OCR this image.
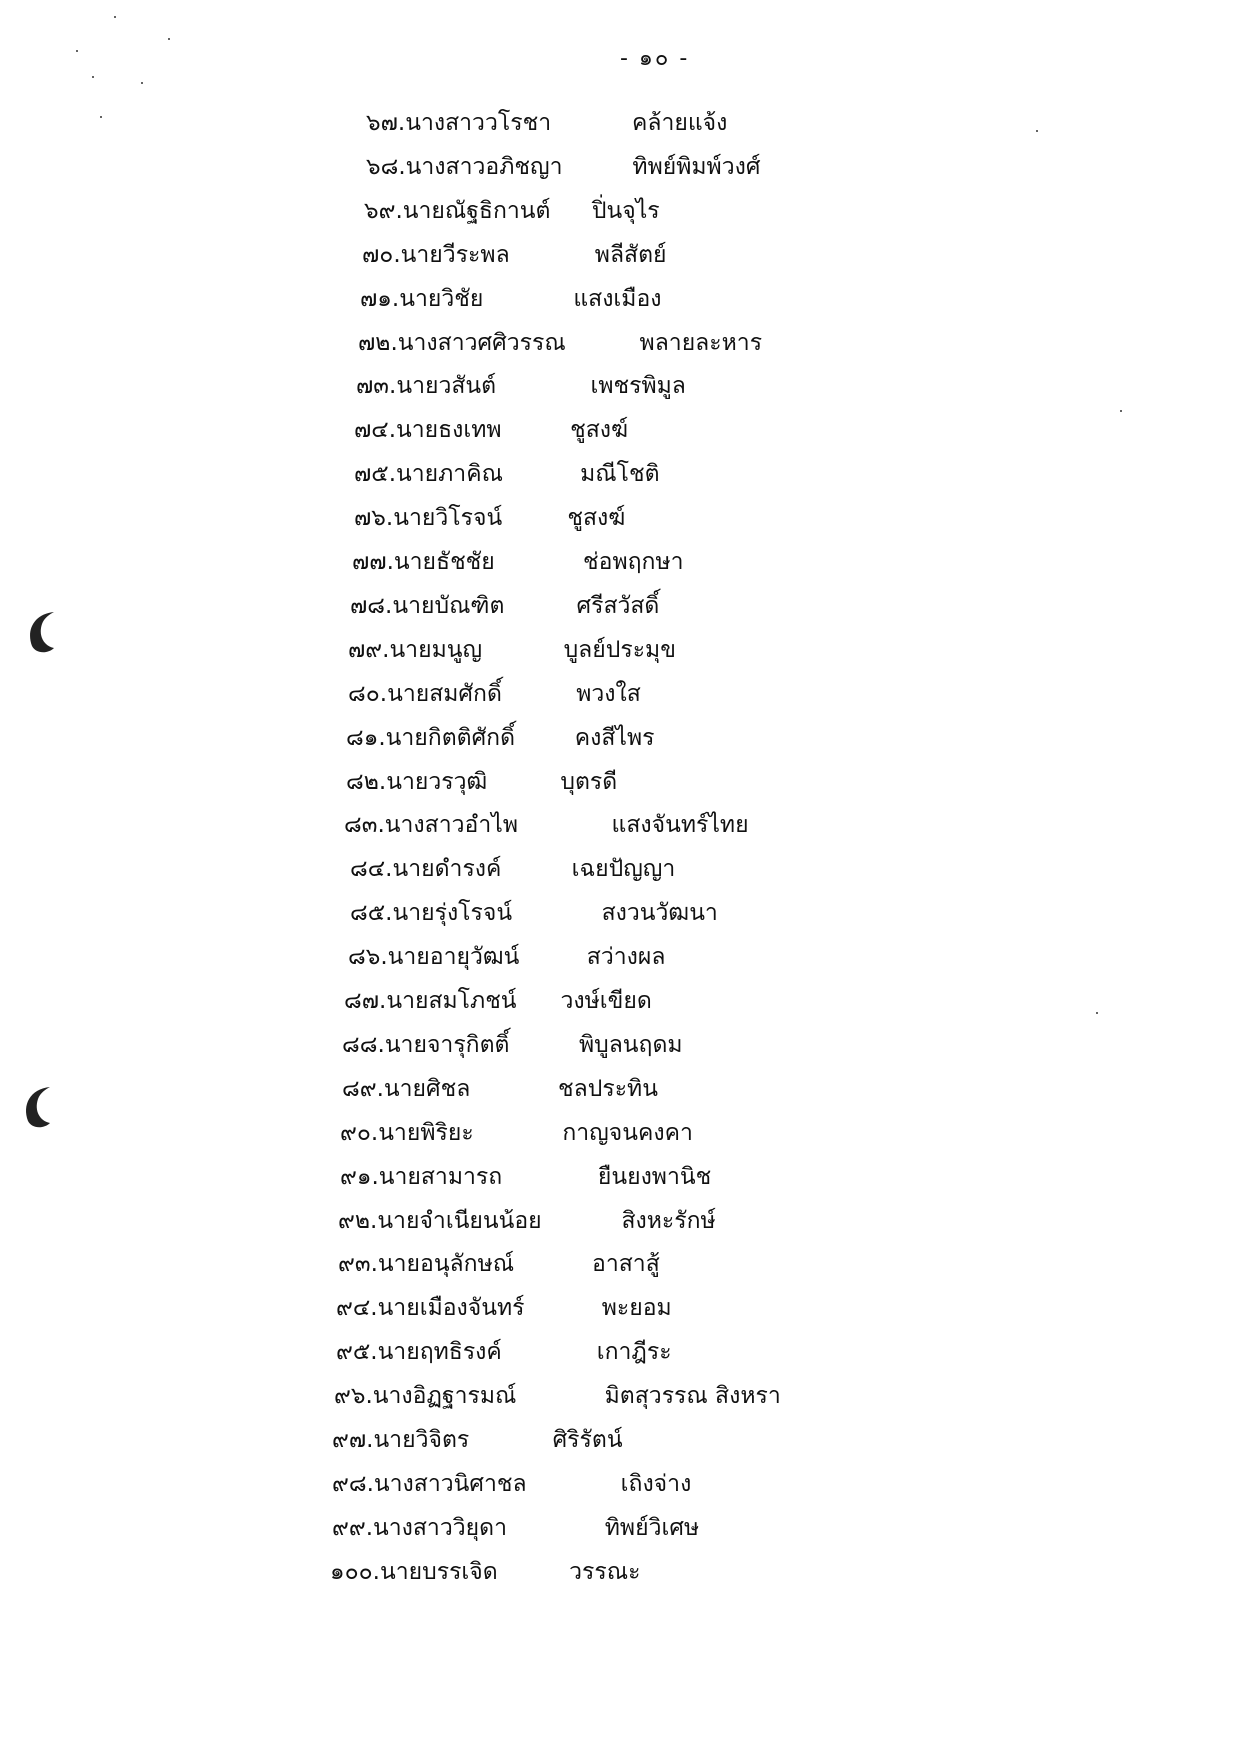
- ๑๐ -
๖๗. นางสาว วโรชา	คล้ายแจ้ง
๖๘. นางสาว อภิชญา	ทิพย์พิมพ์วงศ์
๖๙. นาย ณัฐธิกานต์	ปิ่นจุไร
๗๐. นาย วีระพล	พลีสัตย์
๗๑. นาย วิชัย	แสงเมือง
๗๒. นางสาว ศศิวรรณ	พลายละหาร
๗๓. นาย วสันต์	เพชรพิมูล
๗๔. นาย ธงเทพ	ชูสงฆ์
๗๕. นาย ภาคิณ	มณีโชติ
๗๖. นาย วิโรจน์	ชูสงฆ์
๗๗. นาย ธัชชัย	ช่อพฤกษา
๗๘. นาย บัณฑิต	ศรีสวัสดิ์
๗๙. นาย มนูญ	บูลย์ประมุข
๘๐. นาย สมศักดิ์	พวงใส
๘๑. นาย กิตติศักดิ์	คงสีไพร
๘๒. นาย วรวุฒิ	บุตรดี
๘๓. นางสาว อำไพ	แสงจันทร์ไทย
๘๔. นาย ดำรงค์	เฉยปัญญา
๘๕. นาย รุ่งโรจน์	สงวนวัฒนา
๘๖. นาย อายุวัฒน์	สว่างผล
๘๗. นาย สมโภชน์	วงษ์เขียด
๘๘. นาย จารุกิตติ์	พิบูลนฤดม
๘๙. นาย ศิชล	ชลประทิน
๙๐. นาย พิริยะ	กาญจนคงคา
๙๑. นาย สามารถ	ยืนยงพานิช
๙๒. นาย จำเนียนน้อย	สิงหะรักษ์
๙๓. นาย อนุลักษณ์	อาสาสู้
๙๔. นาย เมืองจันทร์	พะยอม
๙๕. นาย ฤทธิรงค์	เกาฎีระ
๙๖. นาง อิฏฐารมณ์	มิตสุวรรณ สิงหรา
๙๗. นาย วิจิตร	ศิริรัตน์
๙๘. นางสาว นิศาชล	เถิงจ่าง
๙๙. นางสาว วิยุดา	ทิพย์วิเศษ
๑๐๐. นาย บรรเจิด	วรรณะ
